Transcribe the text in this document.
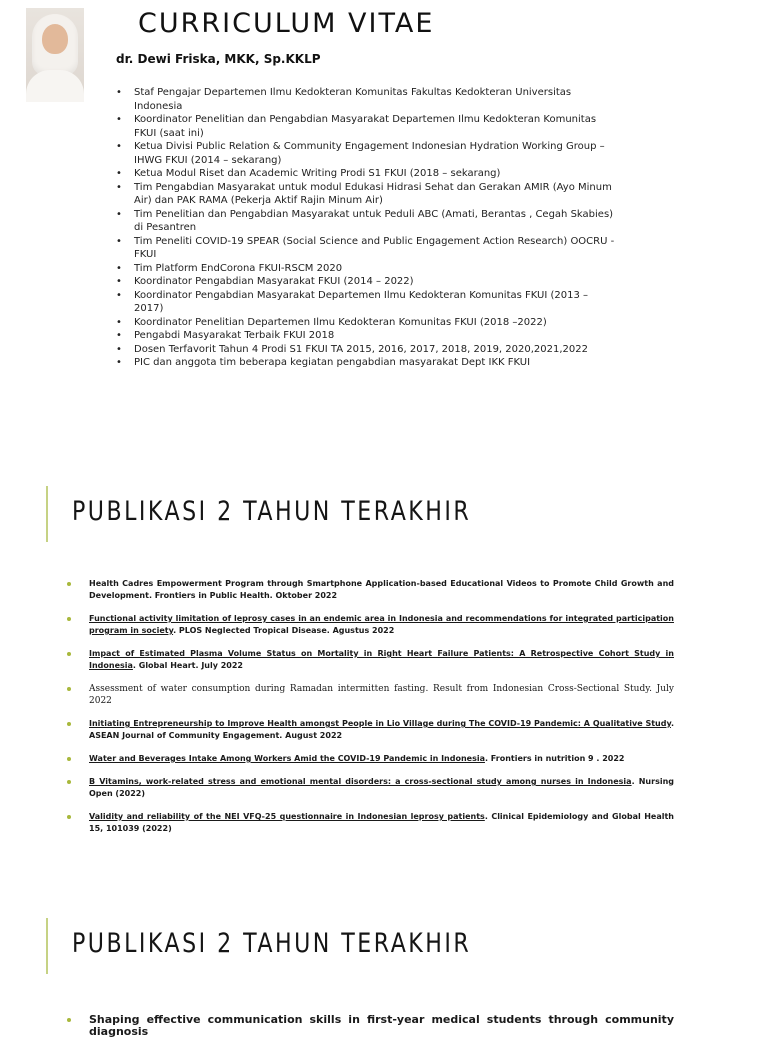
CURRICULUM VITAE
dr. Dewi Friska, MKK, Sp.KKLP
• Staf Pengajar Departemen Ilmu Kedokteran Komunitas Fakultas Kedokteran Universitas Indonesia
• Koordinator Penelitian dan Pengabdian Masyarakat Departemen Ilmu Kedokteran Komunitas FKUI (saat ini)
• Ketua Divisi Public Relation & Community Engagement Indonesian Hydration Working Group – IHWG FKUI (2014 – sekarang)
• Ketua Modul Riset dan Academic Writing Prodi S1 FKUI (2018 – sekarang)
• Tim Pengabdian Masyarakat untuk modul Edukasi Hidrasi Sehat dan Gerakan AMIR (Ayo Minum Air) dan PAK RAMA (Pekerja Aktif Rajin Minum Air)
• Tim Penelitian dan Pengabdian Masyarakat untuk Peduli ABC (Amati, Berantas , Cegah Skabies) di Pesantren
• Tim Peneliti COVID-19 SPEAR (Social Science and Public Engagement Action Research) OOCRU - FKUI
• Tim Platform EndCorona FKUI-RSCM 2020
• Koordinator Pengabdian Masyarakat FKUI (2014 – 2022)
• Koordinator Pengabdian Masyarakat Departemen Ilmu Kedokteran Komunitas FKUI (2013 – 2017)
• Koordinator Penelitian Departemen Ilmu Kedokteran Komunitas FKUI (2018 –2022)
• Pengabdi Masyarakat Terbaik FKUI 2018
• Dosen Terfavorit Tahun 4 Prodi S1 FKUI TA 2015, 2016, 2017, 2018, 2019, 2020,2021,2022
• PIC dan anggota tim beberapa kegiatan pengabdian masyarakat Dept IKK FKUI
PUBLIKASI 2 TAHUN TERAKHIR
Health Cadres Empowerment Program through Smartphone Application-based Educational Videos to Promote Child Growth and Development. Frontiers in Public Health. Oktober 2022
Functional activity limitation of leprosy cases in an endemic area in Indonesia and recommendations for integrated participation program in society. PLOS Neglected Tropical Disease. Agustus 2022
Impact of Estimated Plasma Volume Status on Mortality in Right Heart Failure Patients: A Retrospective Cohort Study in Indonesia. Global Heart. July 2022
Assessment of water consumption during Ramadan intermitten fasting. Result from Indonesian Cross-Sectional Study. July 2022
Initiating Entrepreneurship to Improve Health amongst People in Lio Village during The COVID-19 Pandemic: A Qualitative Study. ASEAN Journal of Community Engagement. August 2022
Water and Beverages Intake Among Workers Amid the COVID-19 Pandemic in Indonesia. Frontiers in nutrition 9 . 2022
B Vitamins, work-related stress and emotional mental disorders: a cross-sectional study among nurses in Indonesia. Nursing Open (2022)
Validity and reliability of the NEI VFQ-25 questionnaire in Indonesian leprosy patients. Clinical Epidemiology and Global Health 15, 101039 (2022)
PUBLIKASI 2 TAHUN TERAKHIR
Shaping effective communication skills in first-year medical students through community diagnosis
